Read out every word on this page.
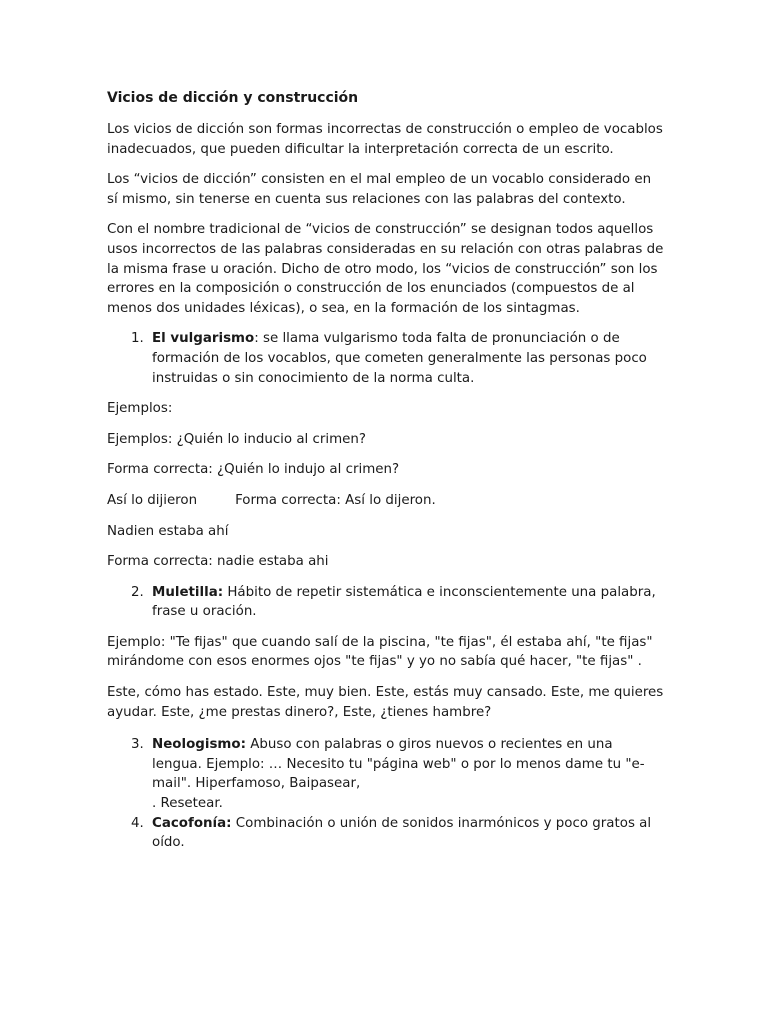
Vicios de dicción y construcción

Los vicios de dicción son formas incorrectas de construcción o empleo de vocablos inadecuados, que pueden dificultar la interpretación correcta de un escrito.

Los “vicios de dicción” consisten en el mal empleo de un vocablo considerado en sí mismo, sin tenerse en cuenta sus relaciones con las palabras del contexto.

Con el nombre tradicional de “vicios de construcción” se designan todos aquellos usos incorrectos de las palabras consideradas en su relación con otras palabras de la misma frase u oración. Dicho de otro modo, los “vicios de construcción” son los errores en la composición o construcción de los enunciados (compuestos de al menos dos unidades léxicas), o sea, en la formación de los sintagmas.

1. El vulgarismo: se llama vulgarismo toda falta de pronunciación o de formación de los vocablos, que cometen generalmente las personas poco instruidas o sin conocimiento de la norma culta.

Ejemplos:

Ejemplos: ¿Quién lo inducio al crimen?

Forma correcta: ¿Quién lo indujo al crimen?

Así lo dijieron	Forma correcta: Así lo dijeron.

Nadien estaba ahí

Forma correcta: nadie estaba ahi

2. Muletilla: Hábito de repetir sistemática e inconscientemente una palabra, frase u oración.

Ejemplo: "Te fijas" que cuando salí de la piscina, "te fijas", él estaba ahí, "te fijas" mirándome con esos enormes ojos "te fijas" y yo no sabía qué hacer, "te fijas" .

Este, cómo has estado. Este, muy bien. Este, estás muy cansado. Este, me quieres ayudar. Este, ¿me prestas dinero?, Este, ¿tienes hambre?

3. Neologismo: Abuso con palabras o giros nuevos o recientes en una lengua. Ejemplo: … Necesito tu "página web" o por lo menos dame tu "e-mail". Hiperfamoso, Baipasear,
. Resetear.
4. Cacofonía: Combinación o unión de sonidos inarmónicos y poco gratos al oído.
